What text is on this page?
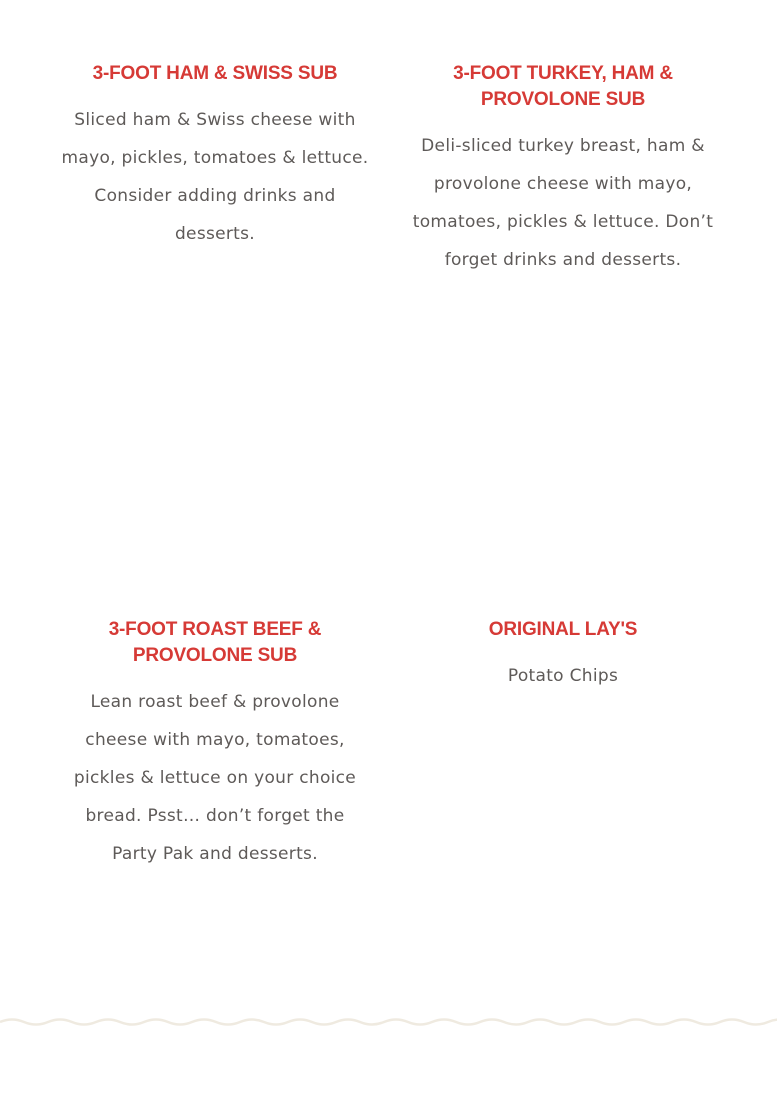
3-FOOT HAM & SWISS SUB

Sliced ham & Swiss cheese with mayo, pickles, tomatoes & lettuce. Consider adding drinks and desserts.

3-FOOT TURKEY, HAM & PROVOLONE SUB

Deli-sliced turkey breast, ham & provolone cheese with mayo, tomatoes, pickles & lettuce. Don’t forget drinks and desserts.

3-FOOT ROAST BEEF & PROVOLONE SUB

Lean roast beef & provolone cheese with mayo, tomatoes, pickles & lettuce on your choice bread. Psst… don’t forget the Party Pak and desserts.

ORIGINAL LAY'S

Potato Chips
